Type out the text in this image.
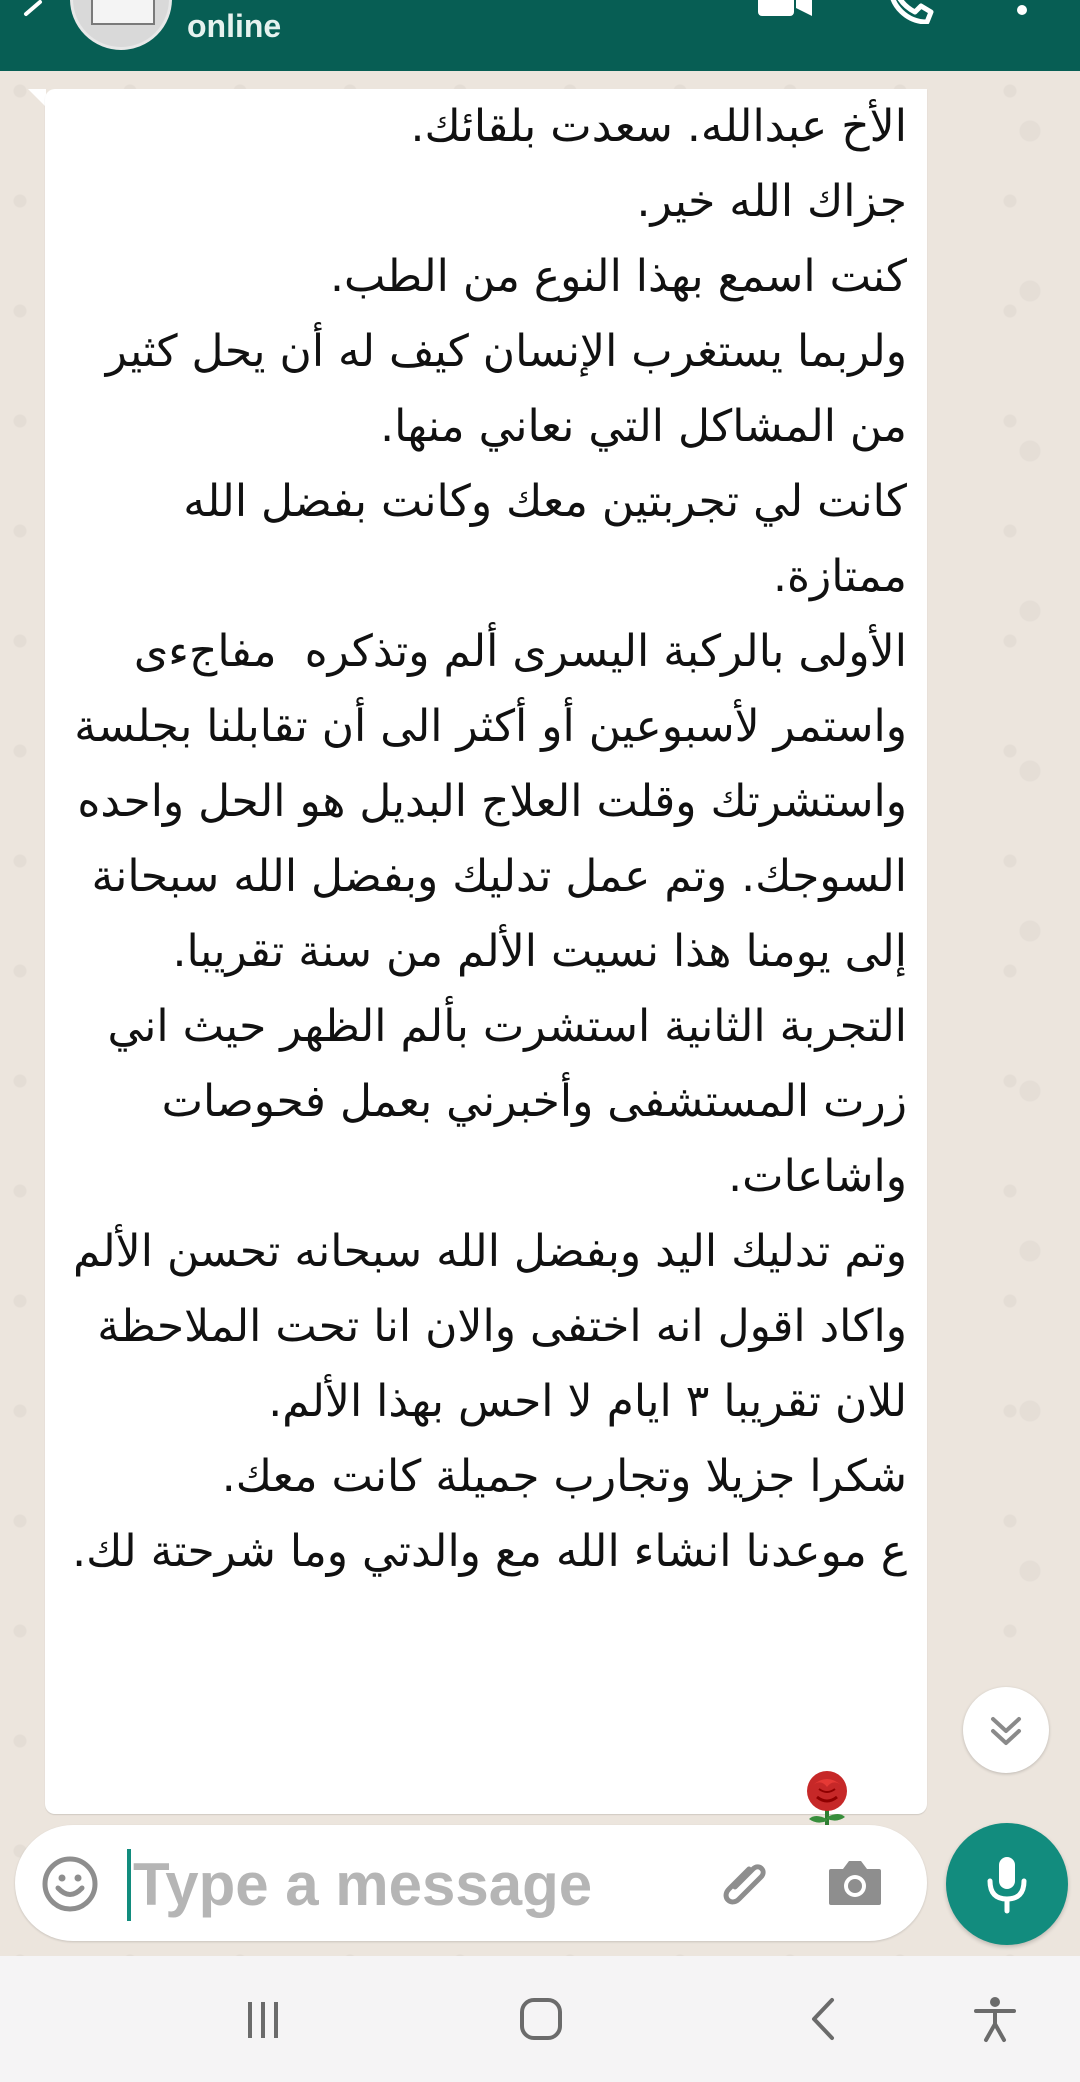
online
الأخ عبدالله. سعدت بلقائك.
جزاك الله خير.
كنت اسمع بهذا النوع من الطب.
ولربما يستغرب الإنسان كيف له أن يحل كثير من المشاكل التي نعاني منها.
كانت لي تجربتين معك وكانت بفضل الله ممتازة.
الأولى بالركبة اليسرى ألم وتذكره  مفاجءى واستمر لأسبوعين أو أكثر الى أن تقابلنا بجلسة واستشرتك وقلت العلاج البديل هو الحل واحده السوجك. وتم عمل تدليك وبفضل الله سبحانة إلى يومنا هذا نسيت الألم من سنة تقريبا.
التجربة الثانية استشرت بألم الظهر حيث اني زرت المستشفى وأخبرني بعمل فحوصات واشاعات.
وتم تدليك اليد وبفضل الله سبحانه تحسن الألم واكاد اقول انه اختفى والان انا تحت الملاحظة للان تقريبا ٣ ايام لا احس بهذا الألم.
شكرا جزيلا وتجارب جميلة كانت معك.
ع موعدنا انشاء الله مع والدتي وما شرحتة لك.
Type a message
